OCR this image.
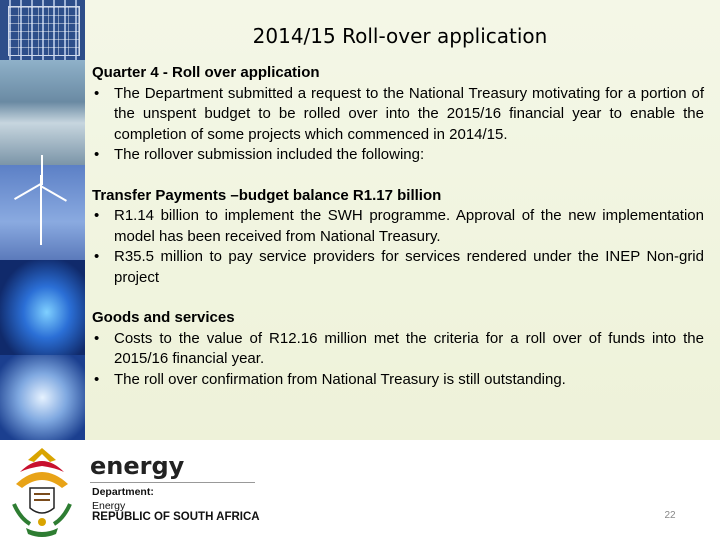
2014/15 Roll-over application
Quarter 4 - Roll over application
• The Department submitted a request to the National Treasury motivating for a portion of the unspent budget to be rolled over into the 2015/16 financial year to enable the completion of some projects which commenced in 2014/15.
• The rollover submission included the following:
Transfer Payments –budget balance R1.17 billion
• R1.14 billion to implement the SWH programme. Approval of the new implementation model has been received from National Treasury.
• R35.5 million to pay service providers for services rendered under the INEP Non-grid project
Goods and services
• Costs to the value of R12.16 million met the criteria for a roll over of funds into the 2015/16 financial year.
• The roll over confirmation from National Treasury is still outstanding.
energy
Department:
Energy
REPUBLIC OF SOUTH AFRICA	22
